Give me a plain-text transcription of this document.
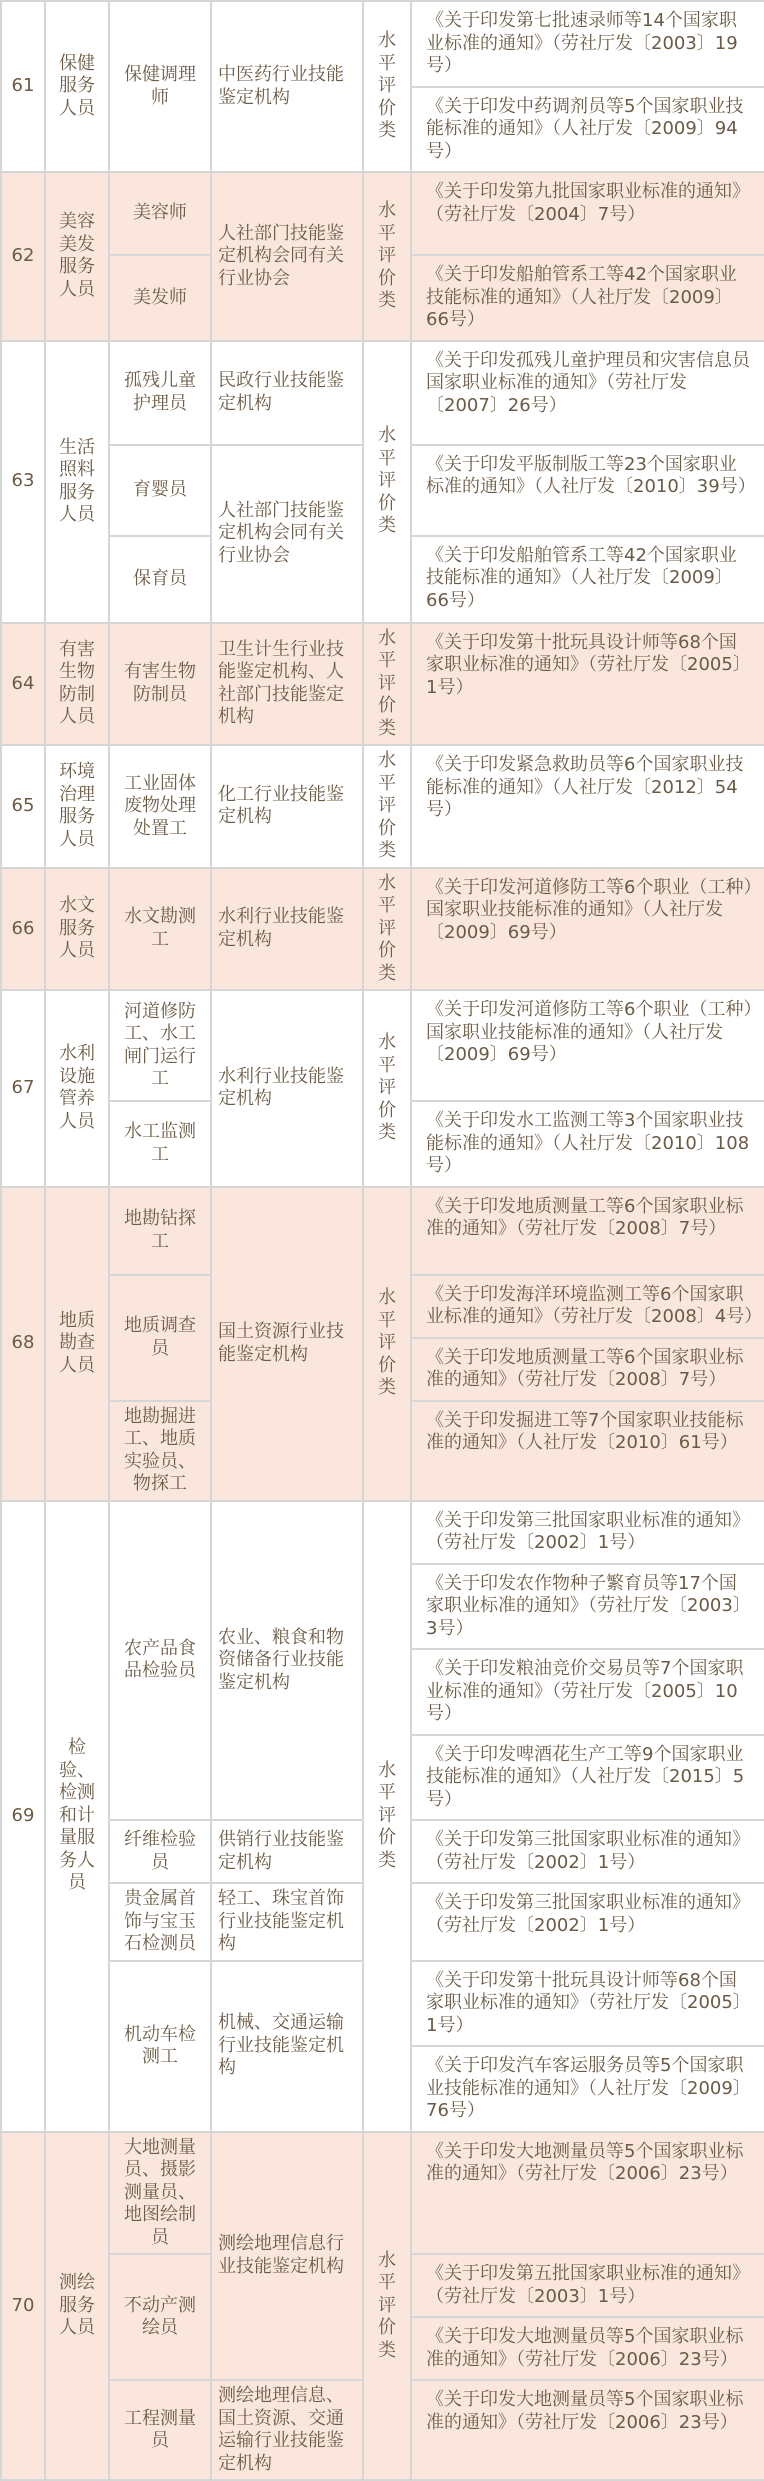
61	保健服务人员	保健调理师	中医药行业技能鉴定机构	水平评价类	《关于印发第七批速录师等14个国家职业标准的通知》（劳社厅发〔2003〕19号）
《关于印发中药调剂员等5个国家职业技能标准的通知》（人社厅发〔2009〕94号）

62	美容美发服务人员	美容师	人社部门技能鉴定机构会同有关行业协会	水平评价类	《关于印发第九批国家职业标准的通知》（劳社厅发〔2004〕7号）

		美发师			《关于印发船舶管系工等42个国家职业技能标准的通知》（人社厅发〔2009〕66号）

63	生活照料服务人员	孤残儿童护理员	民政行业技能鉴定机构	水平评价类	《关于印发孤残儿童护理员和灾害信息员国家职业标准的通知》（劳社厅发〔2007〕26号）

		育婴员	人社部门技能鉴定机构会同有关行业协会		《关于印发平版制版工等23个国家职业标准的通知》（人社厅发〔2010〕39号）

		保育员			《关于印发船舶管系工等42个国家职业技能标准的通知》（人社厅发〔2009〕66号）

64	有害生物防制人员	有害生物防制员	卫生计生行业技能鉴定机构、人社部门技能鉴定机构	水平评价类	《关于印发第十批玩具设计师等68个国家职业标准的通知》（劳社厅发〔2005〕1号）

65	环境治理服务人员	工业固体废物处理处置工	化工行业技能鉴定机构	水平评价类	《关于印发紧急救助员等6个国家职业技能标准的通知》（人社厅发〔2012〕54号）

66	水文服务人员	水文勘测工	水利行业技能鉴定机构	水平评价类	《关于印发河道修防工等6个职业（工种）国家职业技能标准的通知》（人社厅发〔2009〕69号）

67	水利设施管养人员	河道修防工、水工闸门运行工	水利行业技能鉴定机构	水平评价类	《关于印发河道修防工等6个职业（工种）国家职业技能标准的通知》（人社厅发〔2009〕69号）

		水工监测工			《关于印发水工监测工等3个国家职业技能标准的通知》（人社厅发〔2010〕108号）

68	地质勘查人员	地勘钻探工	国土资源行业技能鉴定机构	水平评价类	《关于印发地质测量工等6个国家职业标准的通知》（劳社厅发〔2008〕7号）

		地质调查员			《关于印发海洋环境监测工等6个国家职业标准的通知》（劳社厅发〔2008〕4号）
《关于印发地质测量工等6个国家职业标准的通知》（劳社厅发〔2008〕7号）

		地勘掘进工、地质实验员、物探工			《关于印发掘进工等7个国家职业技能标准的通知》（人社厅发〔2010〕61号）

69	检验、检测和计量服务人员	农产品食品检验员	农业、粮食和物资储备行业技能鉴定机构	水平评价类	《关于印发第三批国家职业标准的通知》（劳社厅发〔2002〕1号）
《关于印发农作物种子繁育员等17个国家职业标准的通知》（劳社厅发〔2003〕3号）
《关于印发粮油竞价交易员等7个国家职业标准的通知》（劳社厅发〔2005〕10号）
《关于印发啤酒花生产工等9个国家职业技能标准的通知》（人社厅发〔2015〕5号）

		纤维检验员	供销行业技能鉴定机构		《关于印发第三批国家职业标准的通知》（劳社厅发〔2002〕1号）

		贵金属首饰与宝玉石检测员	轻工、珠宝首饰行业技能鉴定机构		《关于印发第三批国家职业标准的通知》（劳社厅发〔2002〕1号）

		机动车检测工	机械、交通运输行业技能鉴定机构		《关于印发第十批玩具设计师等68个国家职业标准的通知》（劳社厅发〔2005〕1号）
《关于印发汽车客运服务员等5个国家职业技能标准的通知》（人社厅发〔2009〕76号）

70	测绘服务人员	大地测量员、摄影测量员、地图绘制员	测绘地理信息行业技能鉴定机构	水平评价类	《关于印发大地测量员等5个国家职业标准的通知》（劳社厅发〔2006〕23号）

		不动产测绘员			《关于印发第五批国家职业标准的通知》（劳社厅发〔2003〕1号）
《关于印发大地测量员等5个国家职业标准的通知》（劳社厅发〔2006〕23号）

		工程测量员	测绘地理信息、国土资源、交通运输行业技能鉴定机构		《关于印发大地测量员等5个国家职业标准的通知》（劳社厅发〔2006〕23号）
